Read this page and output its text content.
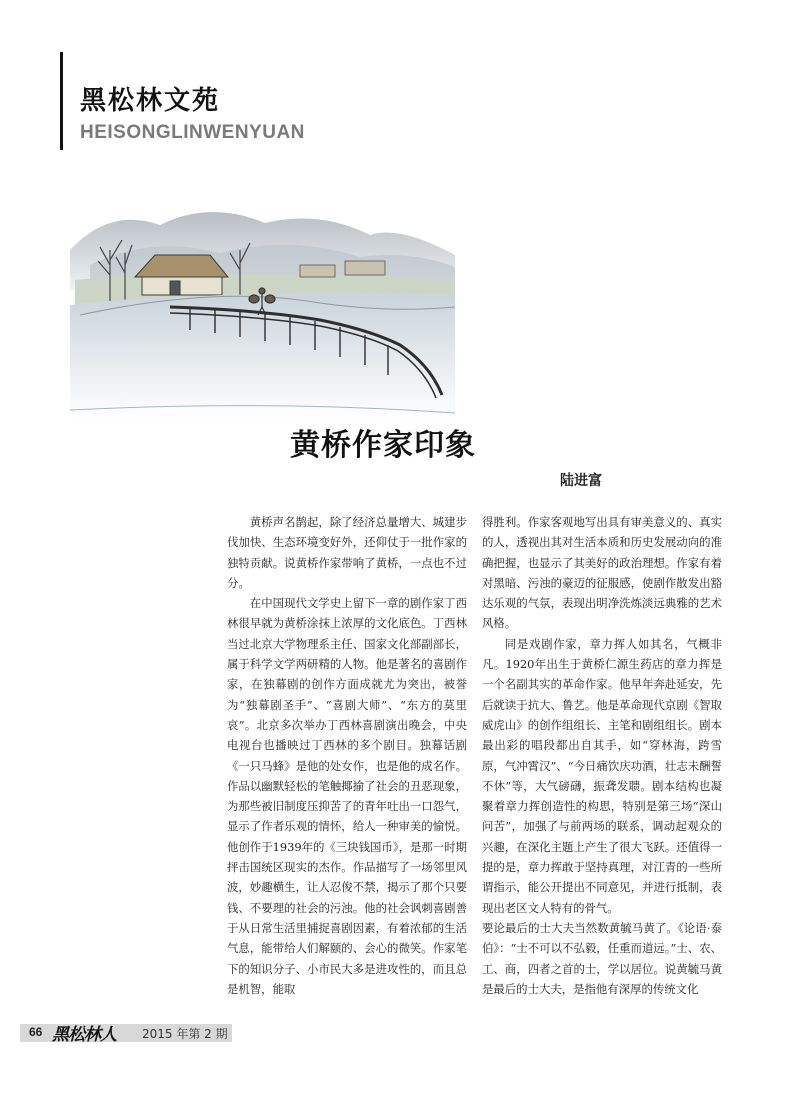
黑松林文苑
HEISONGLINWENYUAN
黄桥作家印象
陆进富

黄桥声名鹊起，除了经济总量增大、城建步伐加快、生态环境变好外，还仰仗于一批作家的独特贡献。说黄桥作家带响了黄桥，一点也不过分。

在中国现代文学史上留下一章的剧作家丁西林很早就为黄桥涂抹上浓厚的文化底色。丁西林当过北京大学物理系主任、国家文化部副部长，属于科学文学两研精的人物。他是著名的喜剧作家，在独幕剧的创作方面成就尤为突出，被誉为“独幕剧圣手”、“喜剧大师”、“东方的莫里哀”。北京多次举办丁西林喜剧演出晚会，中央电视台也播映过丁西林的多个剧目。独幕话剧《一只马蜂》是他的处女作，也是他的成名作。作品以幽默轻松的笔触揶揄了社会的丑恶现象，为那些被旧制度压抑苦了的青年吐出一口怨气，显示了作者乐观的情怀，给人一种审美的愉悦。他创作于1939年的《三块钱国币》，是那一时期抨击国统区现实的杰作。作品描写了一场邻里风波，妙趣横生，让人忍俊不禁，揭示了那个只要钱、不要理的社会的污浊。他的社会讽刺喜剧善于从日常生活里捕捉喜剧因素，有着浓郁的生活气息，能带给人们解颐的、会心的微笑。作家笔下的知识分子、小市民大多是进攻性的，而且总是机智，能取

得胜利。作家客观地写出具有审美意义的、真实的人，透视出其对生活本质和历史发展动向的准确把握，也显示了其美好的政治理想。作家有着对黑暗、污浊的豪迈的征服感，使剧作散发出豁达乐观的气氛，表现出明净洗炼淡远典雅的艺术风格。

同是戏剧作家，章力挥人如其名，气概非凡。1920年出生于黄桥仁源生药店的章力挥是一个名副其实的革命作家。他早年奔赴延安，先后就读于抗大、鲁艺。他是革命现代京剧《智取威虎山》的创作组组长、主笔和剧组组长。剧本最出彩的唱段都出自其手，如“穿林海，跨雪原，气冲霄汉”、“今日痛饮庆功酒，壮志未酬誓不休”等，大气磅礴，振聋发聩。剧本结构也凝聚着章力挥创造性的构思，特别是第三场“深山问苦”，加强了与前两场的联系，调动起观众的兴趣，在深化主题上产生了很大飞跃。还值得一提的是，章力挥敢于坚持真理，对江青的一些所谓指示，能公开提出不同意见，并进行抵制，表现出老区文人特有的骨气。

要论最后的士大夫当然数黄毓马黄了。《论语·泰伯》：“士不可以不弘毅，任重而道远。”士、农、工、商，四者之首的士，学以居位。说黄毓马黄是最后的士大夫，是指他有深厚的传统文化

66 黑松林人 2015 年第 2 期
